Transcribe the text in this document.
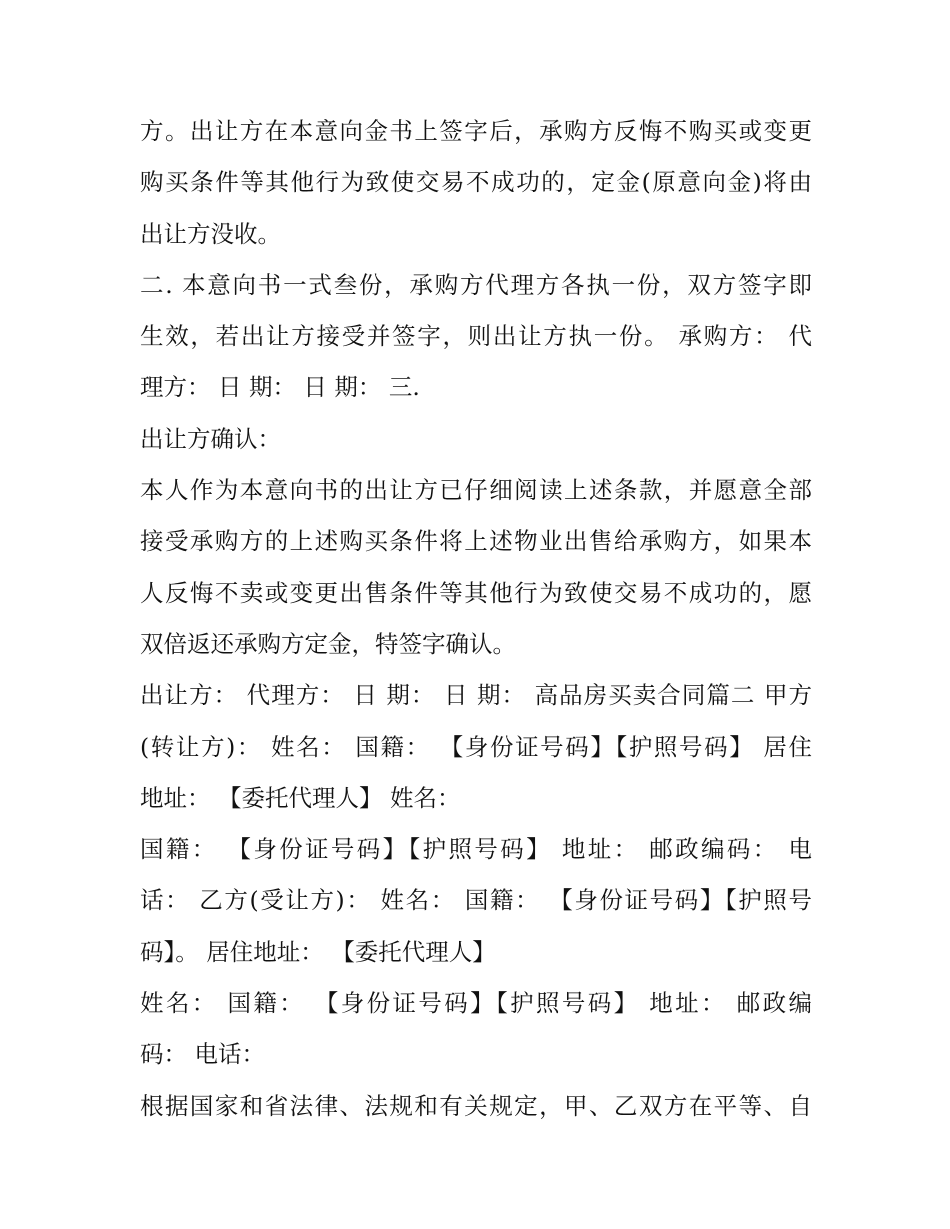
方。出让方在本意向金书上签字后，承购方反悔不购买或变更
购买条件等其他行为致使交易不成功的，定金(原意向金)将由
出让方没收。
二. 本意向书一式叁份，承购方代理方各执一份，双方签字即
生效，若出让方接受并签字，则出让方执一份。 承购方： 代
理方： 日 期： 日 期： 三.
出让方确认：
本人作为本意向书的出让方已仔细阅读上述条款，并愿意全部
接受承购方的上述购买条件将上述物业出售给承购方，如果本
人反悔不卖或变更出售条件等其他行为致使交易不成功的，愿
双倍返还承购方定金，特签字确认。
出让方： 代理方： 日 期： 日 期： 高品房买卖合同篇二 甲方
(转让方)： 姓名： 国籍： 【身份证号码】【护照号码】 居住
地址： 【委托代理人】 姓名：
国籍： 【身份证号码】【护照号码】 地址： 邮政编码： 电
话： 乙方(受让方)： 姓名： 国籍： 【身份证号码】【护照号
码】。 居住地址： 【委托代理人】
姓名： 国籍： 【身份证号码】【护照号码】 地址： 邮政编
码： 电话：
根据国家和省法律、法规和有关规定，甲、乙双方在平等、自
